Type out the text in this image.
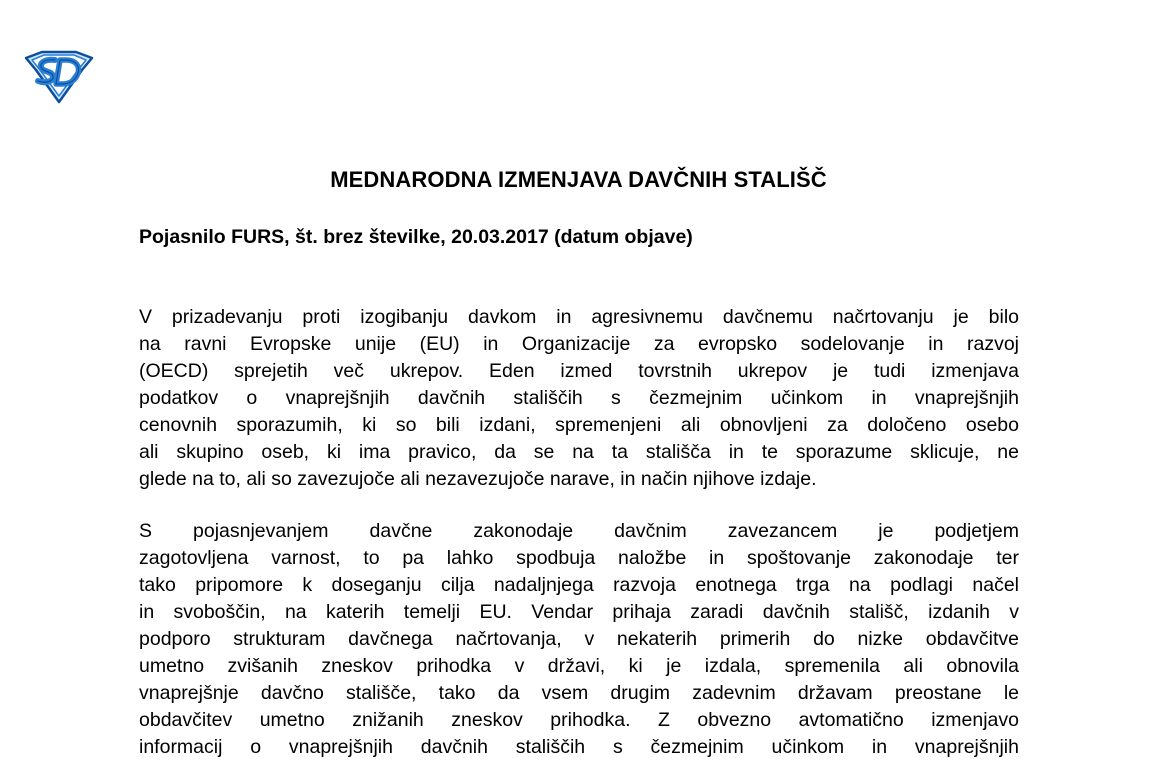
MEDNARODNA IZMENJAVA DAVČNIH STALIŠČ
Pojasnilo FURS, št. brez številke, 20.03.2017 (datum objave)
V prizadevanju proti izogibanju davkom in agresivnemu davčnemu načrtovanju je bilo
na ravni Evropske unije (EU) in Organizacije za evropsko sodelovanje in razvoj
(OECD) sprejetih več ukrepov. Eden izmed tovrstnih ukrepov je tudi izmenjava
podatkov o vnaprejšnjih davčnih stališčih s čezmejnim učinkom in vnaprejšnjih
cenovnih sporazumih, ki so bili izdani, spremenjeni ali obnovljeni za določeno osebo
ali skupino oseb, ki ima pravico, da se na ta stališča in te sporazume sklicuje, ne
glede na to, ali so zavezujoče ali nezavezujoče narave, in način njihove izdaje.
S pojasnjevanjem davčne zakonodaje davčnim zavezancem je podjetjem
zagotovljena varnost, to pa lahko spodbuja naložbe in spoštovanje zakonodaje ter
tako pripomore k doseganju cilja nadaljnjega razvoja enotnega trga na podlagi načel
in svoboščin, na katerih temelji EU. Vendar prihaja zaradi davčnih stališč, izdanih v
podporo strukturam davčnega načrtovanja, v nekaterih primerih do nizke obdavčitve
umetno zvišanih zneskov prihodka v državi, ki je izdala, spremenila ali obnovila
vnaprejšnje davčno stališče, tako da vsem drugim zadevnim državam preostane le
obdavčitev umetno znižanih zneskov prihodka. Z obvezno avtomatično izmenjavo
informacij o vnaprejšnjih davčnih stališčih s čezmejnim učinkom in vnaprejšnjih
